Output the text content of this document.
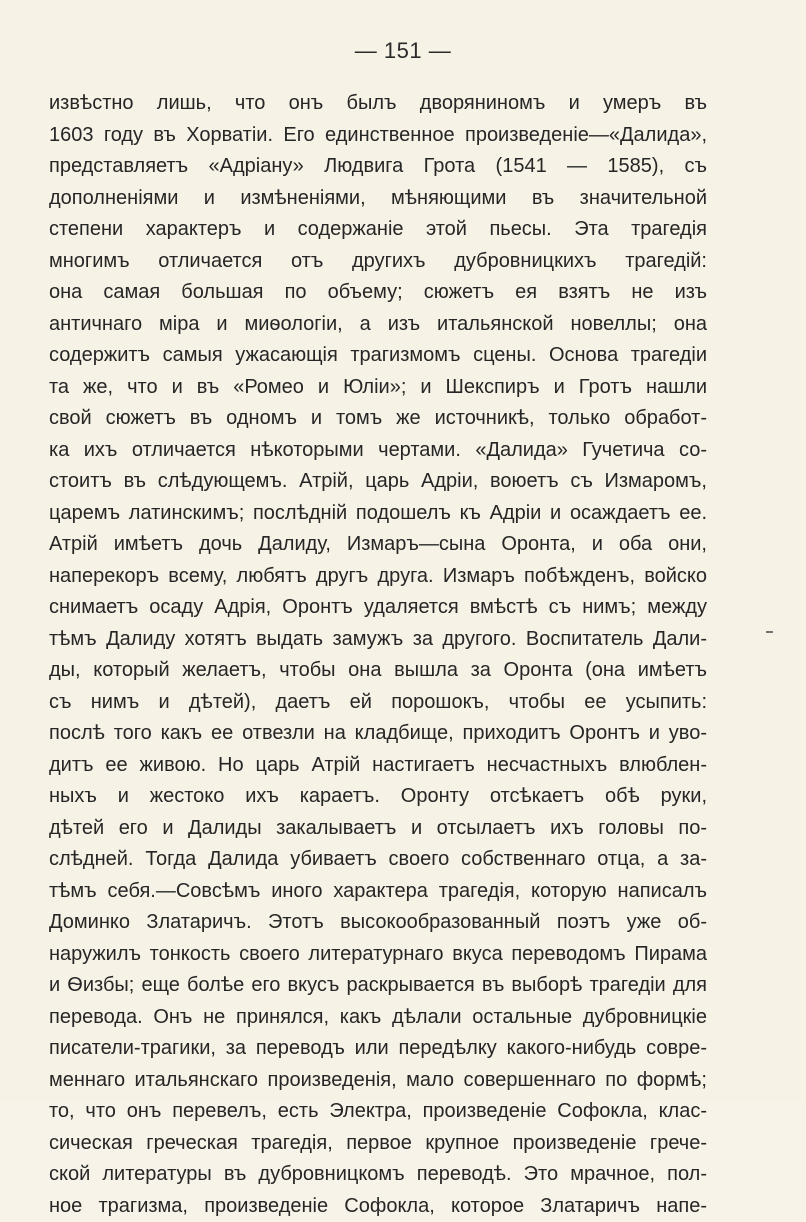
— 151 —
извѣстно лишь, что онъ былъ дворяниномъ и умеръ въ
1603 году въ Хорватіи. Его единственное произведеніе—«Далида»,
представляетъ «Адріану» Людвига Грота (1541 — 1585), съ
дополненіями и измѣненіями, мѣняющими въ значительной
степени характеръ и содержаніе этой пьесы. Эта трагедія
многимъ отличается отъ другихъ дубровницкихъ трагедій:
она самая большая по объему; сюжетъ ея взятъ не изъ
античнаго міра и миѳологіи, а изъ итальянской новеллы; она
содержитъ самыя ужасающія трагизмомъ сцены. Основа трагедіи
та же, что и въ «Ромео и Юліи»; и Шекспиръ и Гротъ нашли
свой сюжетъ въ одномъ и томъ же источникѣ, только обработ-
ка ихъ отличается нѣкоторыми чертами. «Далида» Гучетича со-
стоитъ въ слѣдующемъ. Атрій, царь Адріи, воюетъ съ Измаромъ,
царемъ латинскимъ; послѣдній подошелъ къ Адріи и осаждаетъ ее.
Атрій имѣетъ дочь Далиду, Измаръ—сына Оронта, и оба они,
наперекоръ всему, любятъ другъ друга. Измаръ побѣжденъ, войско
снимаетъ осаду Адрія, Оронтъ удаляется вмѣстѣ съ нимъ; между
тѣмъ Далиду хотятъ выдать замужъ за другого. Воспитатель Дали-
ды, который желаетъ, чтобы она вышла за Оронта (она имѣетъ
съ нимъ и дѣтей), даетъ ей порошокъ, чтобы ее усыпить:
послѣ того какъ ее отвезли на кладбище, приходитъ Оронтъ и уво-
дитъ ее живою. Но царь Атрій настигаетъ несчастныхъ влюблен-
ныхъ и жестоко ихъ караетъ. Оронту отсѣкаетъ обѣ руки,
дѣтей его и Далиды закалываетъ и отсылаетъ ихъ головы по-
слѣдней. Тогда Далида убиваетъ своего собственнаго отца, а за-
тѣмъ себя.—Совсѣмъ иного характера трагедія, которую написалъ
Доминко Златаричъ. Этотъ высокообразованный поэтъ уже об-
наружилъ тонкость своего литературнаго вкуса переводомъ Пирама
и Ѳизбы; еще болѣе его вкусъ раскрывается въ выборѣ трагедіи для
перевода. Онъ не принялся, какъ дѣлали остальные дубровницкіе
писатели-трагики, за переводъ или передѣлку какого-нибудь совре-
меннаго итальянскаго произведенія, мало совершеннаго по формѣ;
то, что онъ перевелъ, есть Электра, произведеніе Софокла, клас-
сическая греческая трагедія, первое крупное произведеніе грече-
ской литературы въ дубровницкомъ переводѣ. Это мрачное, пол-
ное трагизма, произведеніе Софокла, которое Златаричъ напе-
